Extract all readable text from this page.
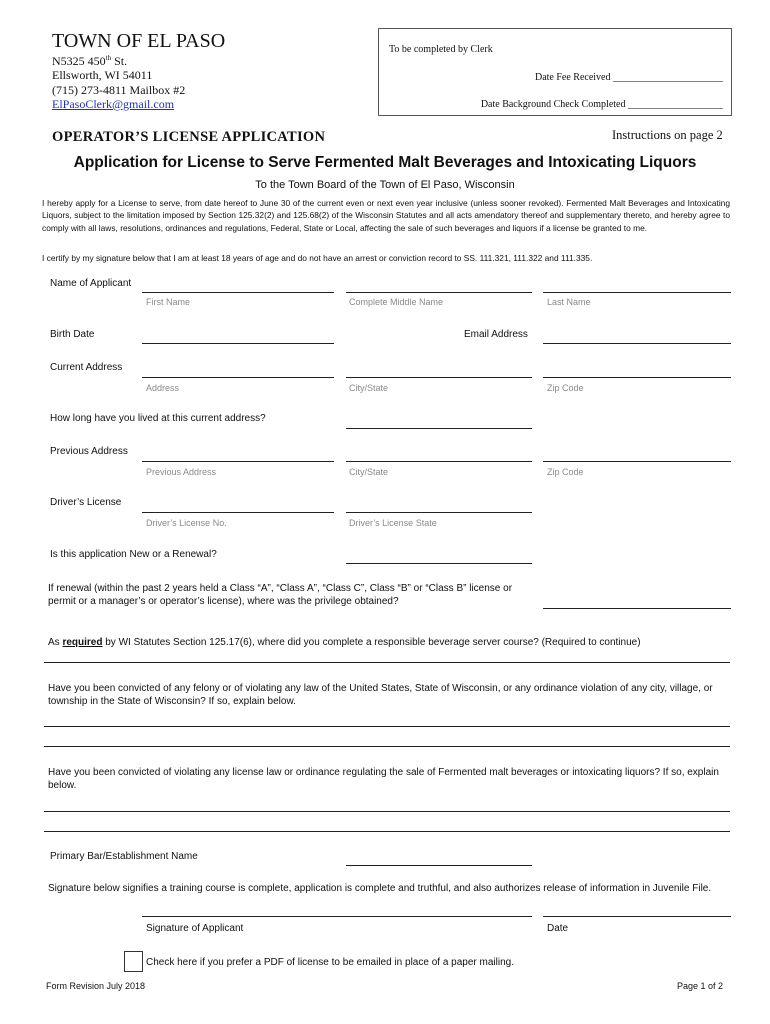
TOWN OF EL PASO
N5325 450th St.
Ellsworth, WI 54011
(715) 273-4811 Mailbox #2
ElPasoClerk@gmail.com
To be completed by Clerk
Date Fee Received ______________________
Date Background Check Completed ___________________
OPERATOR’S LICENSE APPLICATION	Instructions on page 2
Application for License to Serve Fermented Malt Beverages and Intoxicating Liquors
To the Town Board of the Town of El Paso, Wisconsin
I hereby apply for a License to serve, from date hereof to June 30 of the current even or next even year inclusive (unless sooner revoked). Fermented Malt Beverages and Intoxicating Liquors, subject to the limitation imposed by Section 125.32(2) and 125.68(2) of the Wisconsin Statutes and all acts amendatory thereof and supplementary thereto, and hereby agree to comply with all laws, resolutions, ordinances and regulations, Federal, State or Local, affecting the sale of such beverages and liquors if a license be granted to me.
I certify by my signature below that I am at least 18 years of age and do not have an arrest or conviction record to SS. 111.321, 111.322 and 111.335.
Name of Applicant
First Name	Complete Middle Name	Last Name
Birth Date	Email Address
Current Address
Address	City/State	Zip Code
How long have you lived at this current address?
Previous Address
Previous Address	City/State	Zip Code
Driver’s License
Driver’s License No.	Driver’s License State
Is this application New or a Renewal?
If renewal (within the past 2 years held a Class “A”, “Class A”, “Class C”, Class “B” or “Class B” license or permit or a manager’s or operator’s license), where was the privilege obtained?
As required by WI Statutes Section 125.17(6), where did you complete a responsible beverage server course? (Required to continue)
Have you been convicted of any felony or of violating any law of the United States, State of Wisconsin, or any ordinance violation of any city, village, or township in the State of Wisconsin? If so, explain below.
Have you been convicted of violating any license law or ordinance regulating the sale of Fermented malt beverages or intoxicating liquors? If so, explain below.
Primary Bar/Establishment Name
Signature below signifies a training course is complete, application is complete and truthful, and also authorizes release of information in Juvenile File.
Signature of Applicant	Date
Check here if you prefer a PDF of license to be emailed in place of a paper mailing.
Form Revision July 2018	Page 1 of 2
